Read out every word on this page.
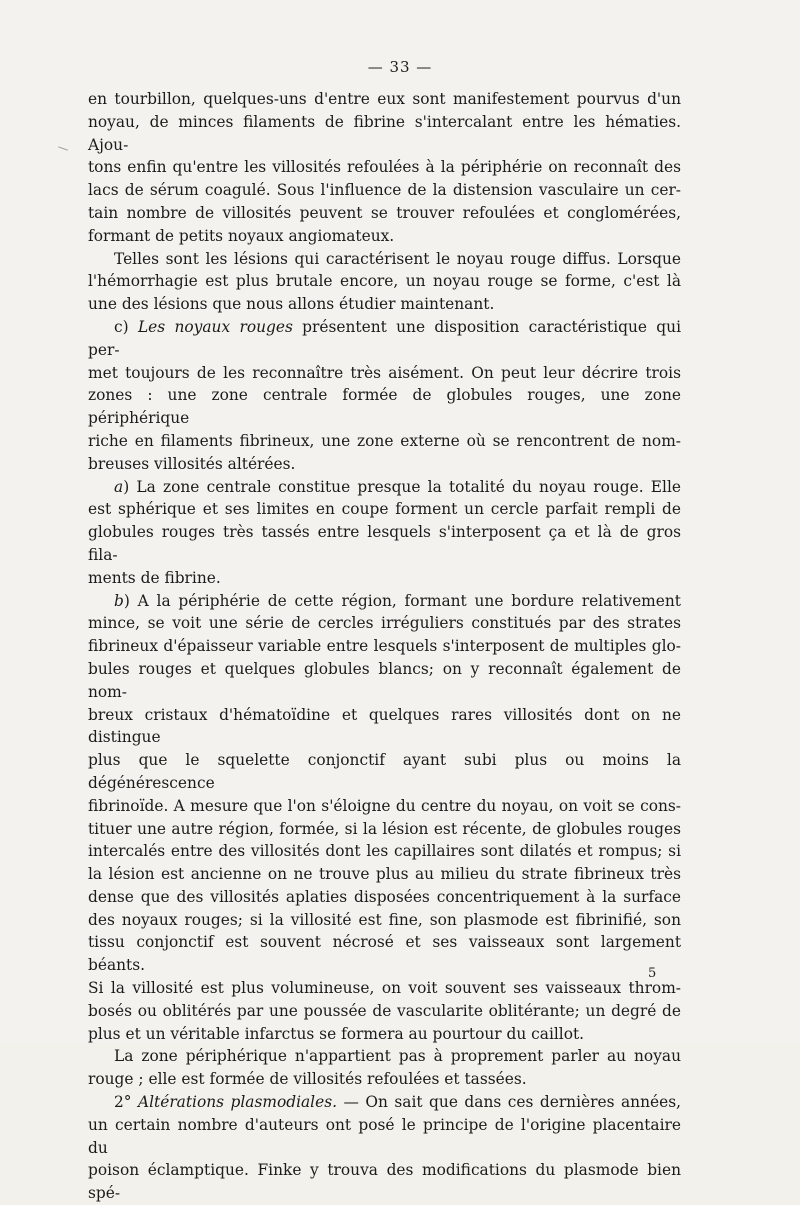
— 33 —

en tourbillon, quelques-uns d'entre eux sont manifestement pourvus d'un

noyau, de minces filaments de fibrine s'intercalant entre les hématies. Ajou-

tons enfin qu'entre les villosités refoulées à la périphérie on reconnaît des

lacs de sérum coagulé. Sous l'influence de la distension vasculaire un cer-

tain nombre de villosités peuvent se trouver refoulées et conglomérées,

formant de petits noyaux angiomateux.

Telles sont les lésions qui caractérisent le noyau rouge diffus. Lorsque

l'hémorrhagie est plus brutale encore, un noyau rouge se forme, c'est là

une des lésions que nous allons étudier maintenant.

c) Les noyaux rouges présentent une disposition caractéristique qui per-

met toujours de les reconnaître très aisément. On peut leur décrire trois

zones : une zone centrale formée de globules rouges, une zone périphérique

riche en filaments fibrineux, une zone externe où se rencontrent de nom-

breuses villosités altérées.

a) La zone centrale constitue presque la totalité du noyau rouge. Elle

est sphérique et ses limites en coupe forment un cercle parfait rempli de

globules rouges très tassés entre lesquels s'interposent ça et là de gros fila-

ments de fibrine.

b) A la périphérie de cette région, formant une bordure relativement

mince, se voit une série de cercles irréguliers constitués par des strates

fibrineux d'épaisseur variable entre lesquels s'interposent de multiples glo-

bules rouges et quelques globules blancs; on y reconnaît également de nom-

breux cristaux d'hématoïdine et quelques rares villosités dont on ne distingue

plus que le squelette conjonctif ayant subi plus ou moins la dégénérescence

fibrinoïde. A mesure que l'on s'éloigne du centre du noyau, on voit se cons-

tituer une autre région, formée, si la lésion est récente, de globules rouges

intercalés entre des villosités dont les capillaires sont dilatés et rompus; si

la lésion est ancienne on ne trouve plus au milieu du strate fibrineux très

dense que des villosités aplaties disposées concentriquement à la surface

des noyaux rouges; si la villosité est fine, son plasmode est fibrinifié, son

tissu conjonctif est souvent nécrosé et ses vaisseaux sont largement béants.

Si la villosité est plus volumineuse, on voit souvent ses vaisseaux throm-

bosés ou oblitérés par une poussée de vascularite oblitérante; un degré de

plus et un véritable infarctus se formera au pourtour du caillot.

La zone périphérique n'appartient pas à proprement parler au noyau

rouge ; elle est formée de villosités refoulées et tassées.

2° Altérations plasmodiales. — On sait que dans ces dernières années,

un certain nombre d'auteurs ont posé le principe de l'origine placentaire du

poison éclamptique. Finke y trouva des modifications du plasmode bien spé-

5
